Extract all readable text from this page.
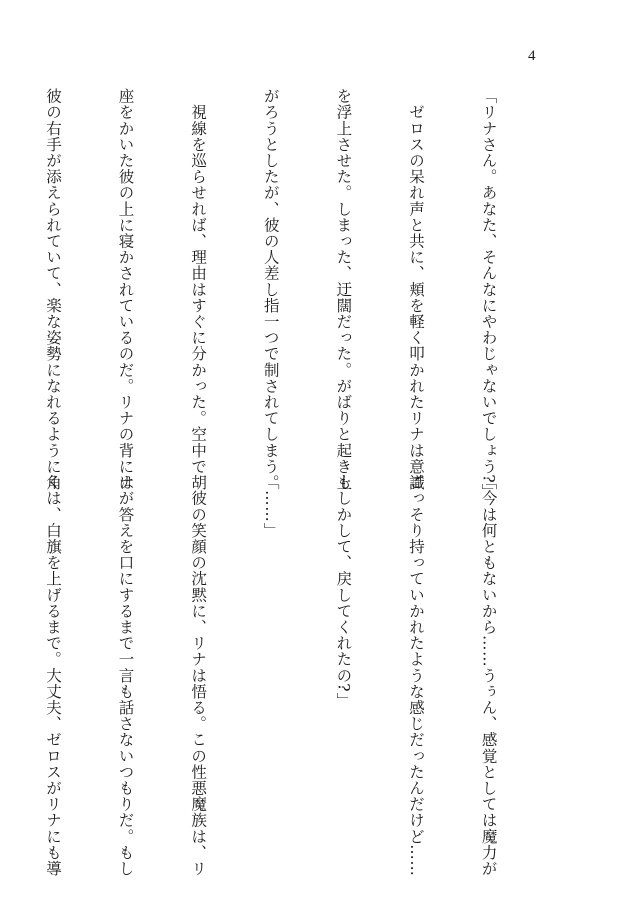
4

「リナさん。あなた、そんなにやわじゃないでしょう?」

　ゼロスの呆れ声と共に、頬を軽く叩かれたリナは意識

を浮上させた。しまった、迂闊だった。がばりと起き上

がろうとしたが、彼の人差し指一つで制されてしまう。

　視線を巡らせれば、理由はすぐに分かった。空中で胡

座をかいた彼の上に寝かされているのだ。リナの背には

彼の右手が添えられていて、楽な姿勢になれるように角

「今は何ともないから……うぅん、感覚としては魔力が

ごっそり持っていかれたような感じだったんだけど……

もしかして、戻してくれたの?」

「……」

　彼の笑顔の沈黙に、リナは悟る。この性悪魔族は、リ

ナが答えを口にするまで一言も話さないつもりだ。もし

くは、白旗を上げるまで。大丈夫、ゼロスがリナにも導
